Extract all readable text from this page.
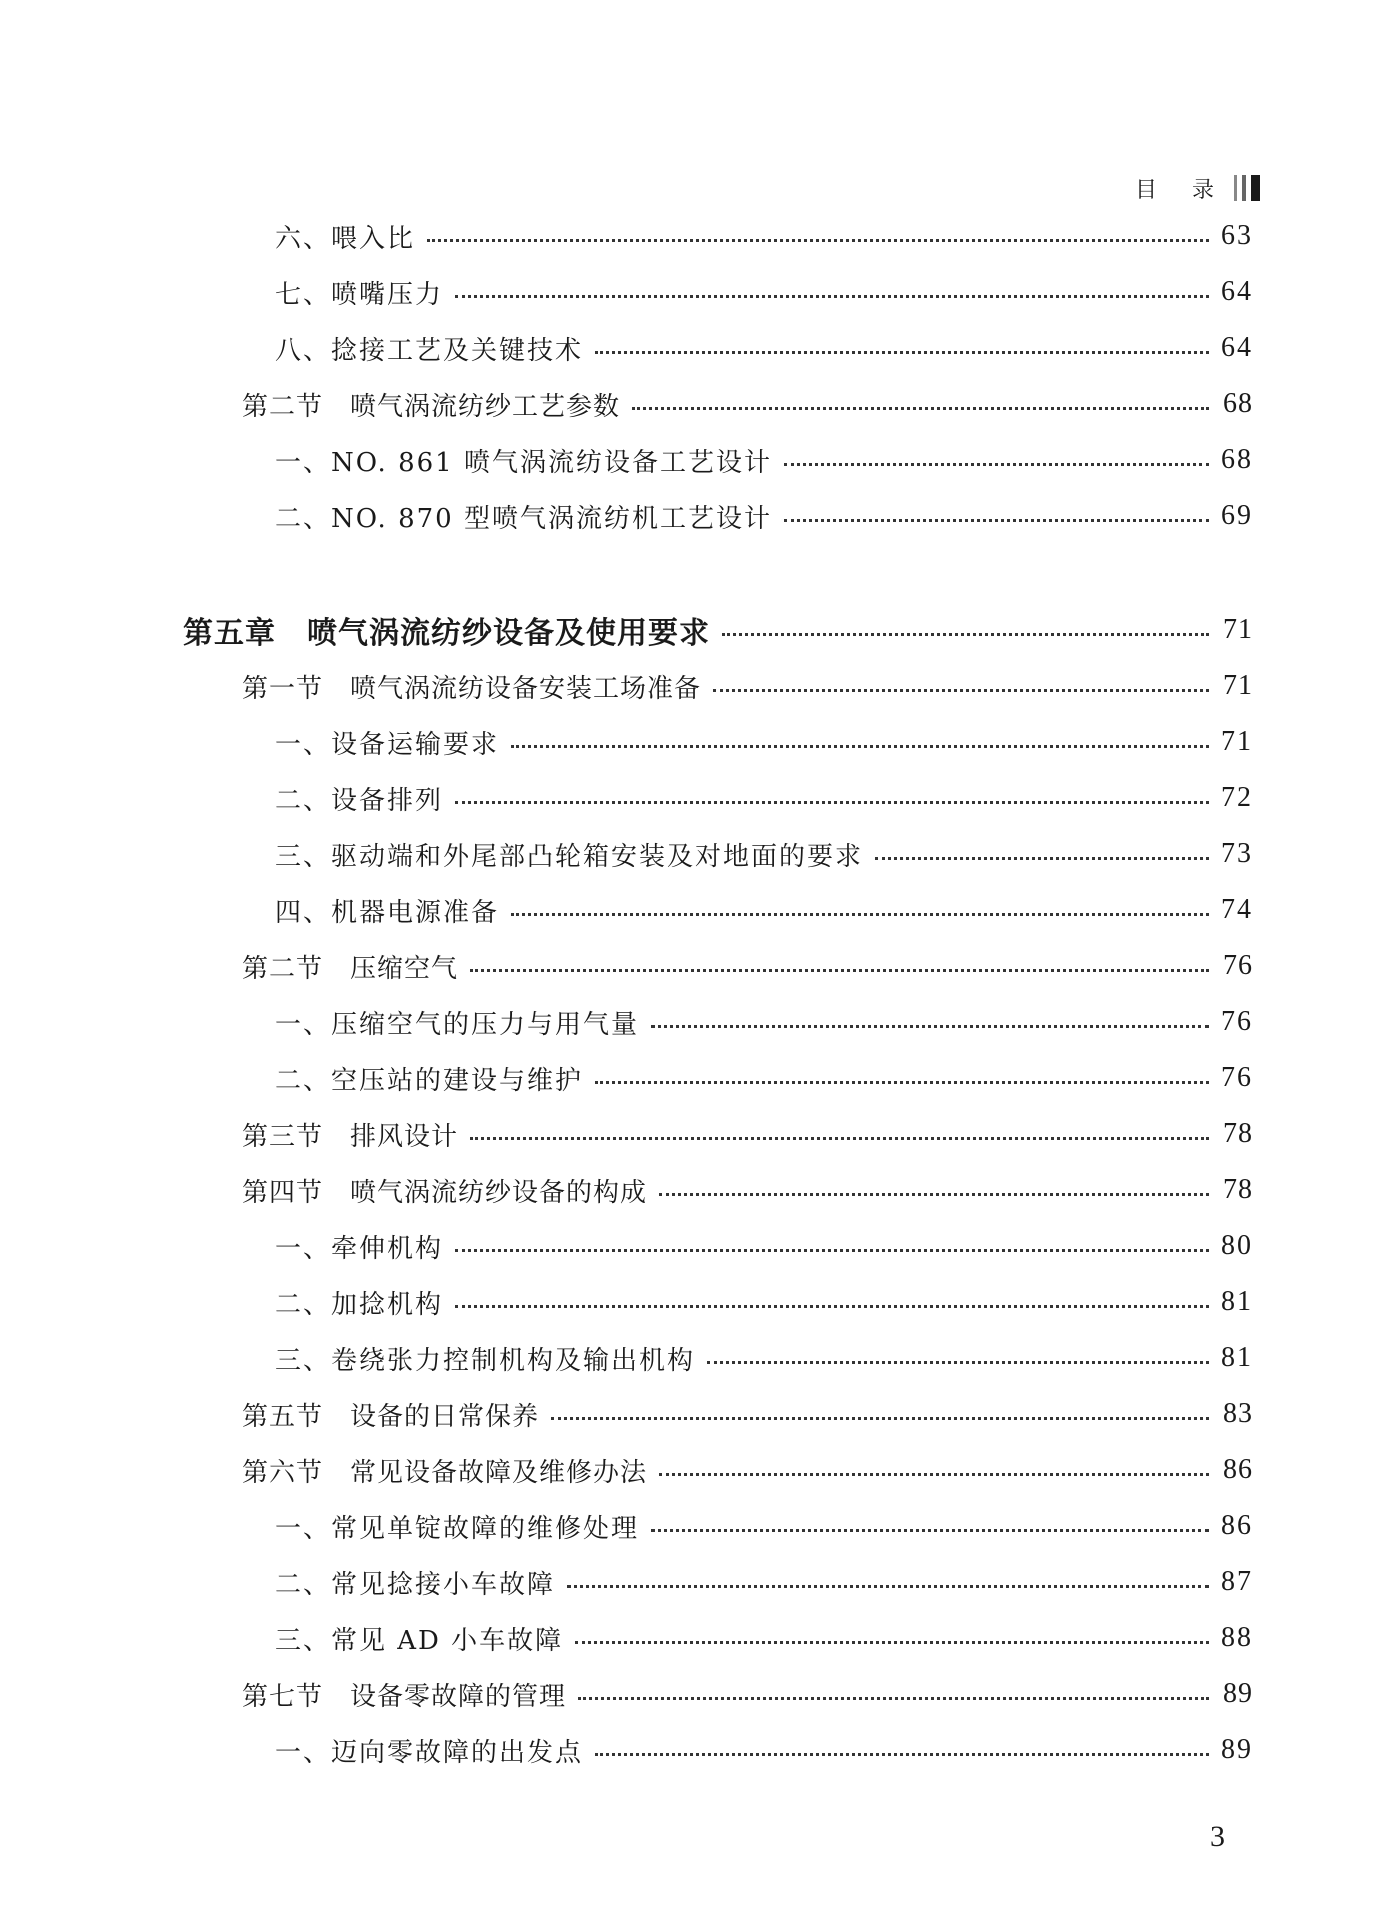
目 录
六、喂入比	63
七、喷嘴压力	64
八、捻接工艺及关键技术	64
第二节　喷气涡流纺纱工艺参数	68
一、NO. 861 喷气涡流纺设备工艺设计	68
二、NO. 870 型喷气涡流纺机工艺设计	69
第五章　喷气涡流纺纱设备及使用要求	71
第一节　喷气涡流纺设备安装工场准备	71
一、设备运输要求	71
二、设备排列	72
三、驱动端和外尾部凸轮箱安装及对地面的要求	73
四、机器电源准备	74
第二节　压缩空气	76
一、压缩空气的压力与用气量	76
二、空压站的建设与维护	76
第三节　排风设计	78
第四节　喷气涡流纺纱设备的构成	78
一、牵伸机构	80
二、加捻机构	81
三、卷绕张力控制机构及输出机构	81
第五节　设备的日常保养	83
第六节　常见设备故障及维修办法	86
一、常见单锭故障的维修处理	86
二、常见捻接小车故障	87
三、常见 AD 小车故障	88
第七节　设备零故障的管理	89
一、迈向零故障的出发点	89
3
